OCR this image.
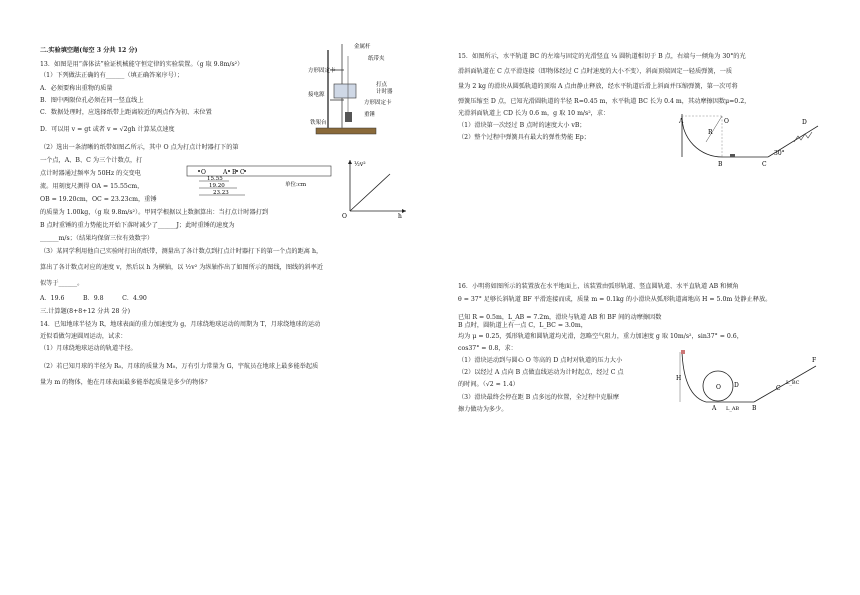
二.实验填空题(每空 3 分共 12 分)
13．如图是用“落体法”验证机械能守恒定律的实验装置。（g 取 9.8m/s²）
（1）下列做法正确的有______（填正确答案序号）；
A．必须要称出重物的质量
B．图中两限位孔必须在同一竖直线上
C．数据处理时，应选择纸带上距离较近的两点作为初、末位置
D．可以用 v = gt 或者 v = √2gh 计算某点速度
（2）选出一条清晰的纸带如图乙所示，其中 O 点为打点计时器打下的第
一个点，A、B、C 为三个计数点，打
点计时器通过频率为 50Hz 的交变电
流。用刻度尺测得 OA = 15.55cm，
OB = 19.20cm，OC = 23.23cm，重锤
的质量为 1.00kg，（g 取 9.8m/s²）。甲同学根据以上数据算出：当打点计时器打到
B 点时重锤的重力势能比开始下落时减少了______J；此时重锤的速度为
______m/s；（结果均保留三位有效数字）
（3）某同学利用他自己实验时打出的纸带，测量出了各计数点到打点计时器打下的第一个点的距离 h，
算出了各计数点对应的速度 v，然后以 h 为横轴，以 ½v² 为纵轴作出了如图所示的图线，图线的斜率近
似等于______。
A．19.6　　　B．9.8　　　C．4.90
三.计算题(8+8+12 分共 28 分)
14．已知地球半径为 R，地球表面的重力加速度为 g，月球绕地球运动的周期为 T，月球绕地球的运动
近似看做匀速圆周运动，试求：
（1）月球绕地球运动的轨道半径。
（2）若已知月球的半径为 R₀，月球的质量为 M₀，万有引力常量为 G，宇航员在地球上最多能举起质
量为 m 的物体，他在月球表面最多能举起质量是多少的物体？
金属杆
纸带夹
方形固定卡
打点
计时器
接电源
方形固定卡
重锤
铁架台
O	A B C
15.55
19.20
23.23
单位:cm
½v²
h
O
15．如图所示，水平轨道 BC 的左端与固定的光滑竖直 ¼ 圆轨道相切于 B 点，右端与一倾角为 30°的光
滑斜面轨道在 C 点平滑连接（即物体经过 C 点时速度的大小不变），斜面顶端固定一轻质弹簧，一质
量为 2 kg 的滑块从圆弧轨道的顶端 A 点由静止释放，经水平轨道后滑上斜面并压缩弹簧，第一次可将
弹簧压缩至 D 点，已知光滑圆轨道的半径 R=0.45 m，水平轨道 BC 长为 0.4 m，其动摩擦因数μ=0.2，
光滑斜面轨道上 CD 长为 0.6 m，g 取 10 m/s²，求：
（1）滑块第一次经过 B 点时的速度大小 vB；
（2）整个过程中弹簧具有最大的弹性势能 Ep；
16．小明将如图所示的装置放在水平地面上，该装置由弧形轨道、竖直圆轨道、水平直轨道 AB 和倾角
θ = 37° 足够长斜轨道 BF 平滑连接而成，质量 m = 0.1kg 的小滑块从弧形轨道离地高 H = 5.0m 处静止释放。
已知 R = 0.5m，L_AB = 7.2m，滑块与轨道 AB 和 BF 间的动摩擦因数
B 点时，圆轨道上有一点 C，L_BC = 3.0m，
均为 μ = 0.25，弧形轨道和圆轨道均光滑，忽略空气阻力，重力加速度 g 取 10m/s²，sin37° = 0.6，
cos37° = 0.8，求：
（1）滑块运动到与圆心 O 等高的 D 点时对轨道的压力大小
（2）以经过 A 点向 B 点做直线运动为计时起点，经过 C 点
的时间。（√2 ≈ 1.4）
（3）滑块最终会停在距 B 点多远的位置，全过程中克服摩
擦力做功为多少。
A	O
R
D
B	C
30°
H
O D
A	B
C
F
L_AB
L_BC
